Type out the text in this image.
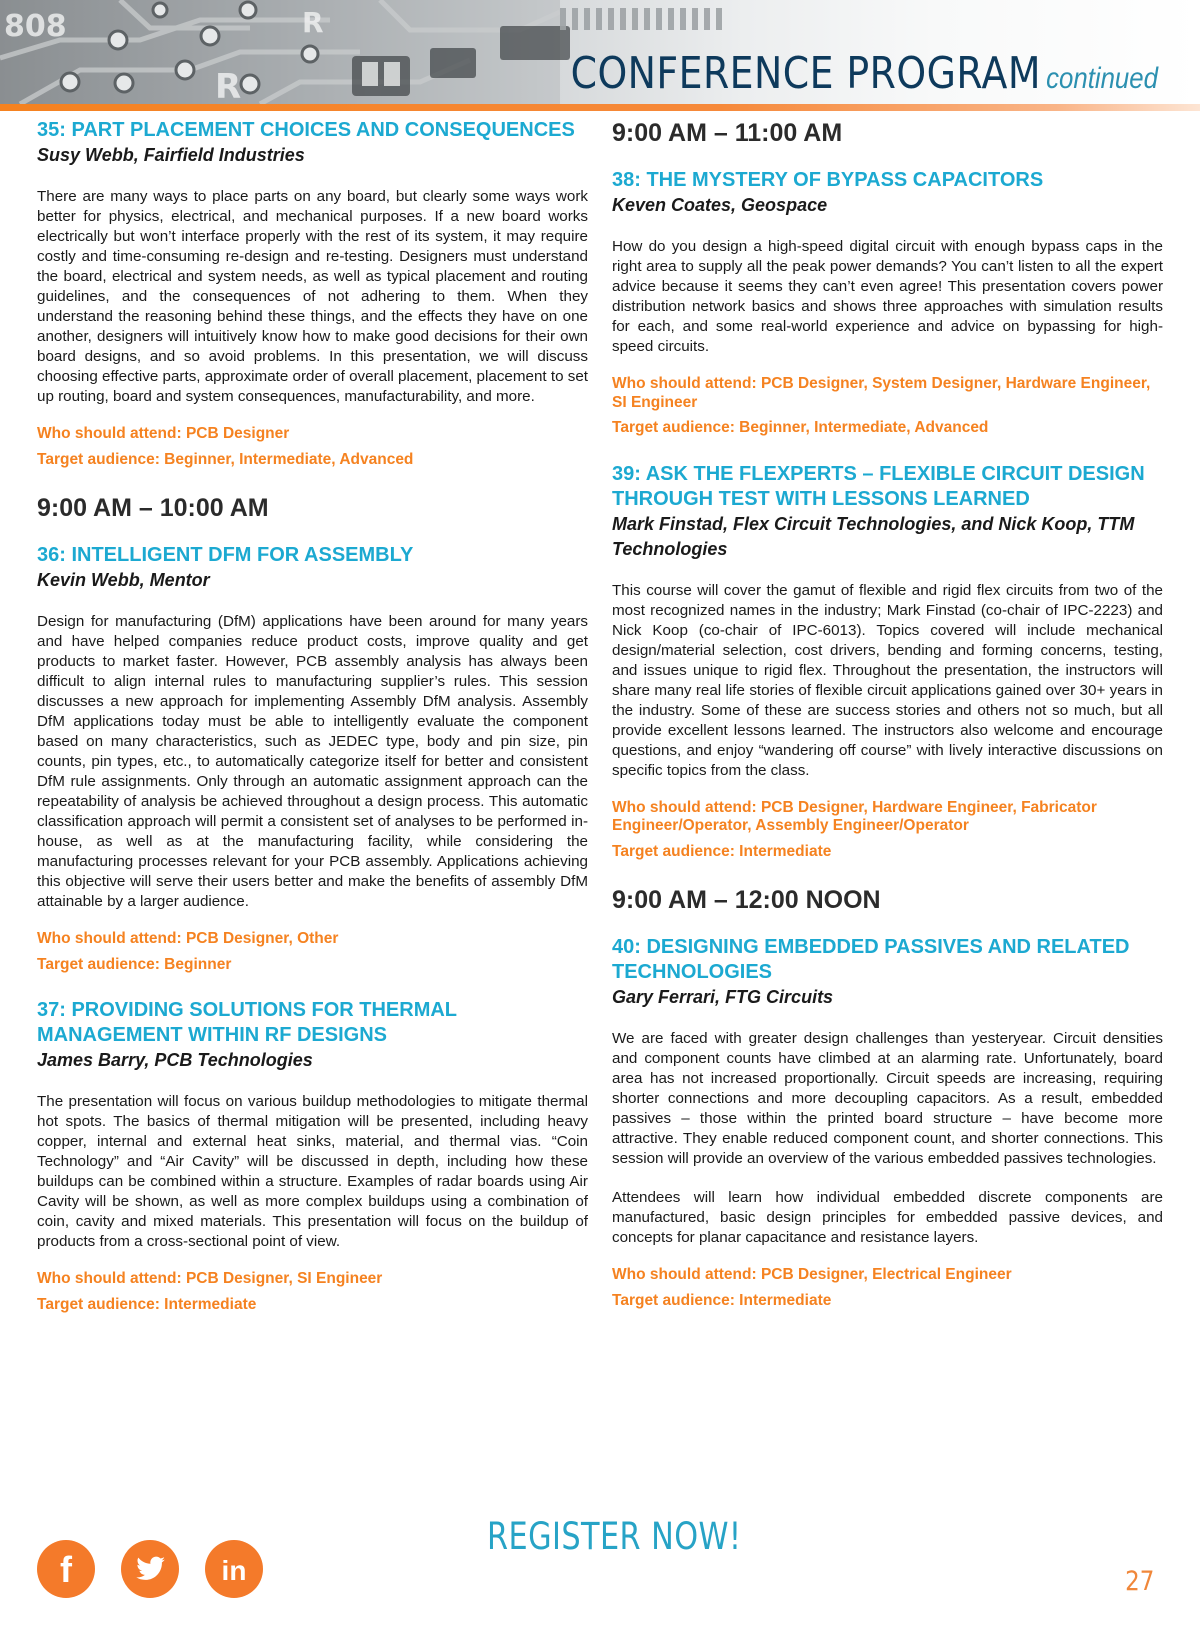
808
R
R
CONFERENCE PROGRAM continued

35: PART PLACEMENT CHOICES AND CONSEQUENCES

Susy Webb, Fairfield Industries

There are many ways to place parts on any board, but clearly some ways work better for physics, electrical, and mechanical purposes. If a new board works electrically but won’t interface properly with the rest of its system, it may require costly and time-consuming re-design and re-testing. Designers must understand the board, electrical and system needs, as well as typical placement and routing guidelines, and the consequences of not adhering to them. When they understand the reasoning behind these things, and the effects they have on one another, designers will intuitively know how to make good decisions for their own board designs, and so avoid problems. In this presentation, we will discuss choosing effective parts, approximate order of overall placement, placement to set up routing, board and system consequences, manufacturability, and more.

Who should attend: PCB Designer

Target audience: Beginner, Intermediate, Advanced

9:00 AM – 10:00 AM

36: INTELLIGENT DFM FOR ASSEMBLY

Kevin Webb, Mentor

Design for manufacturing (DfM) applications have been around for many years and have helped companies reduce product costs, improve quality and get products to market faster. However, PCB assembly analysis has always been difficult to align internal rules to manufacturing supplier’s rules. This session discusses a new approach for implementing Assembly DfM analysis. Assembly DfM applications today must be able to intelligently evaluate the component based on many characteristics, such as JEDEC type, body and pin size, pin counts, pin types, etc., to automatically categorize itself for better and consistent DfM rule assignments. Only through an automatic assignment approach can the repeatability of analysis be achieved throughout a design process. This automatic classification approach will permit a consistent set of analyses to be performed in-house, as well as at the manufacturing facility, while considering the manufacturing processes relevant for your PCB assembly. Applications achieving this objective will serve their users better and make the benefits of assembly DfM attainable by a larger audience.

Who should attend: PCB Designer, Other

Target audience: Beginner

37: PROVIDING SOLUTIONS FOR THERMAL MANAGEMENT WITHIN RF DESIGNS

James Barry, PCB Technologies

The presentation will focus on various buildup methodologies to mitigate thermal hot spots. The basics of thermal mitigation will be presented, including heavy copper, internal and external heat sinks, material, and thermal vias. “Coin Technology” and “Air Cavity” will be discussed in depth, including how these buildups can be combined within a structure. Examples of radar boards using Air Cavity will be shown, as well as more complex buildups using a combination of coin, cavity and mixed materials. This presentation will focus on the buildup of products from a cross-sectional point of view.

Who should attend: PCB Designer, SI Engineer

Target audience: Intermediate

9:00 AM – 11:00 AM

38: THE MYSTERY OF BYPASS CAPACITORS

Keven Coates, Geospace

How do you design a high-speed digital circuit with enough bypass caps in the right area to supply all the peak power demands? You can’t listen to all the expert advice because it seems they can’t even agree! This presentation covers power distribution network basics and shows three approaches with simulation results for each, and some real-world experience and advice on bypassing for high-speed circuits.

Who should attend: PCB Designer, System Designer, Hardware Engineer, SI Engineer

Target audience: Beginner, Intermediate, Advanced

39: ASK THE FLEXPERTS – FLEXIBLE CIRCUIT DESIGN THROUGH TEST WITH LESSONS LEARNED

Mark Finstad, Flex Circuit Technologies, and Nick Koop, TTM Technologies

This course will cover the gamut of flexible and rigid flex circuits from two of the most recognized names in the industry; Mark Finstad (co-chair of IPC-2223) and Nick Koop (co-chair of IPC-6013). Topics covered will include mechanical design/material selection, cost drivers, bending and forming concerns, testing, and issues unique to rigid flex. Throughout the presentation, the instructors will share many real life stories of flexible circuit applications gained over 30+ years in the industry. Some of these are success stories and others not so much, but all provide excellent lessons learned. The instructors also welcome and encourage questions, and enjoy “wandering off course” with lively interactive discussions on specific topics from the class.

Who should attend: PCB Designer, Hardware Engineer, Fabricator Engineer/Operator, Assembly Engineer/Operator

Target audience: Intermediate

9:00 AM – 12:00 NOON

40: DESIGNING EMBEDDED PASSIVES AND RELATED TECHNOLOGIES

Gary Ferrari, FTG Circuits

We are faced with greater design challenges than yesteryear. Circuit densities and component counts have climbed at an alarming rate. Unfortunately, board area has not increased proportionally. Circuit speeds are increasing, requiring shorter connections and more decoupling capacitors. As a result, embedded passives – those within the printed board structure – have become more attractive. They enable reduced component count, and shorter connections. This session will provide an overview of the various embedded passives technologies.

Attendees will learn how individual embedded discrete components are manufactured, basic design principles for embedded passive devices, and concepts for planar capacitance and resistance layers.

Who should attend: PCB Designer, Electrical Engineer

Target audience: Intermediate

f	in
REGISTER NOW!
27
